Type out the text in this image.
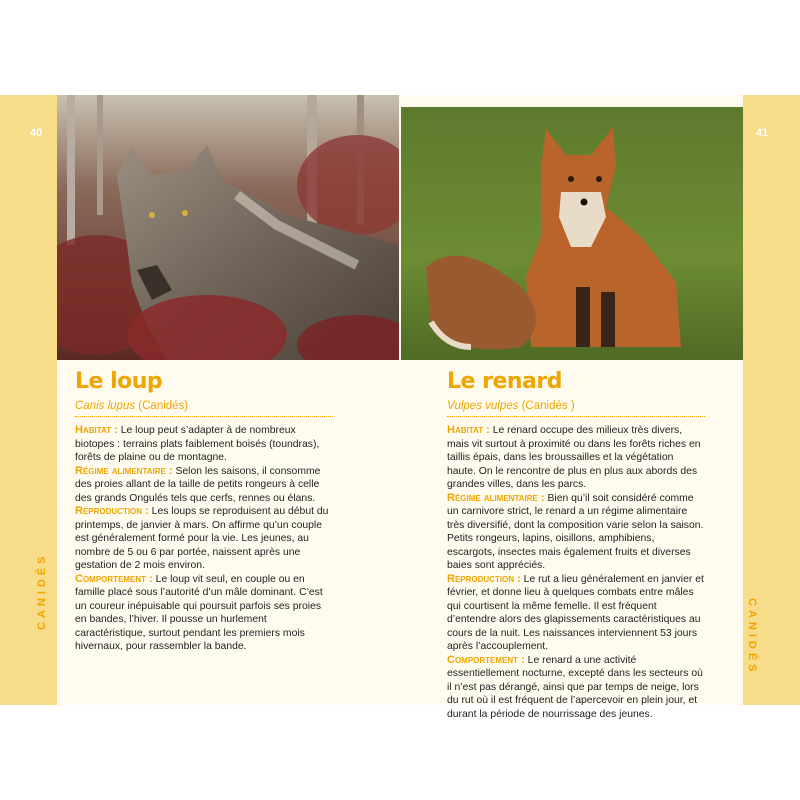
40	41
CANIDÉS
CANIDÉS
Le loup
Canis lupus (Canidés)

Habitat : Le loup peut s’adapter à de nombreux biotopes : terrains plats faiblement boisés (toundras), forêts de plaine ou de montagne.

Régime alimentaire : Selon les saisons, il consomme des proies allant de la taille de petits rongeurs à celle des grands Ongulés tels que cerfs, rennes ou élans.

Reproduction : Les loups se reproduisent au début du printemps, de janvier à mars. On affirme qu’un couple est généralement formé pour la vie. Les jeunes, au nombre de 5 ou 6 par portée, naissent après une gestation de 2 mois environ.

Comportement : Le loup vit seul, en couple ou en famille placé sous l’autorité d’un mâle dominant. C’est un coureur inépuisable qui poursuit parfois ses proies en bandes, l’hiver. Il pousse un hurlement caractéristique, surtout pendant les premiers mois hivernaux, pour rassembler la bande.

Le renard
Vulpes vulpes (Canidés )

Habitat : Le renard occupe des milieux très divers, mais vit surtout à proximité ou dans les forêts riches en taillis épais, dans les broussailles et la végétation haute. On le rencontre de plus en plus aux abords des grandes villes, dans les parcs.

Régime alimentaire : Bien qu’il soit considéré comme un carnivore strict, le renard a un régime alimentaire très diversifié, dont la composition varie selon la saison. Petits rongeurs, lapins, oisillons, amphibiens, escargots, insectes mais également fruits et diverses baies sont appréciés.

Reproduction : Le rut a lieu généralement en janvier et février, et donne lieu à quelques combats entre mâles qui courtisent la même femelle. Il est fréquent d’entendre alors des glapissements caractéristiques au cours de la nuit. Les naissances interviennent 53 jours après l’accouplement.

Comportement : Le renard a une activité essentiellement nocturne, excepté dans les secteurs où il n’est pas dérangé, ainsi que par temps de neige, lors du rut où il est fréquent de l’apercevoir en plein jour, et durant la période de nourrissage des jeunes.
